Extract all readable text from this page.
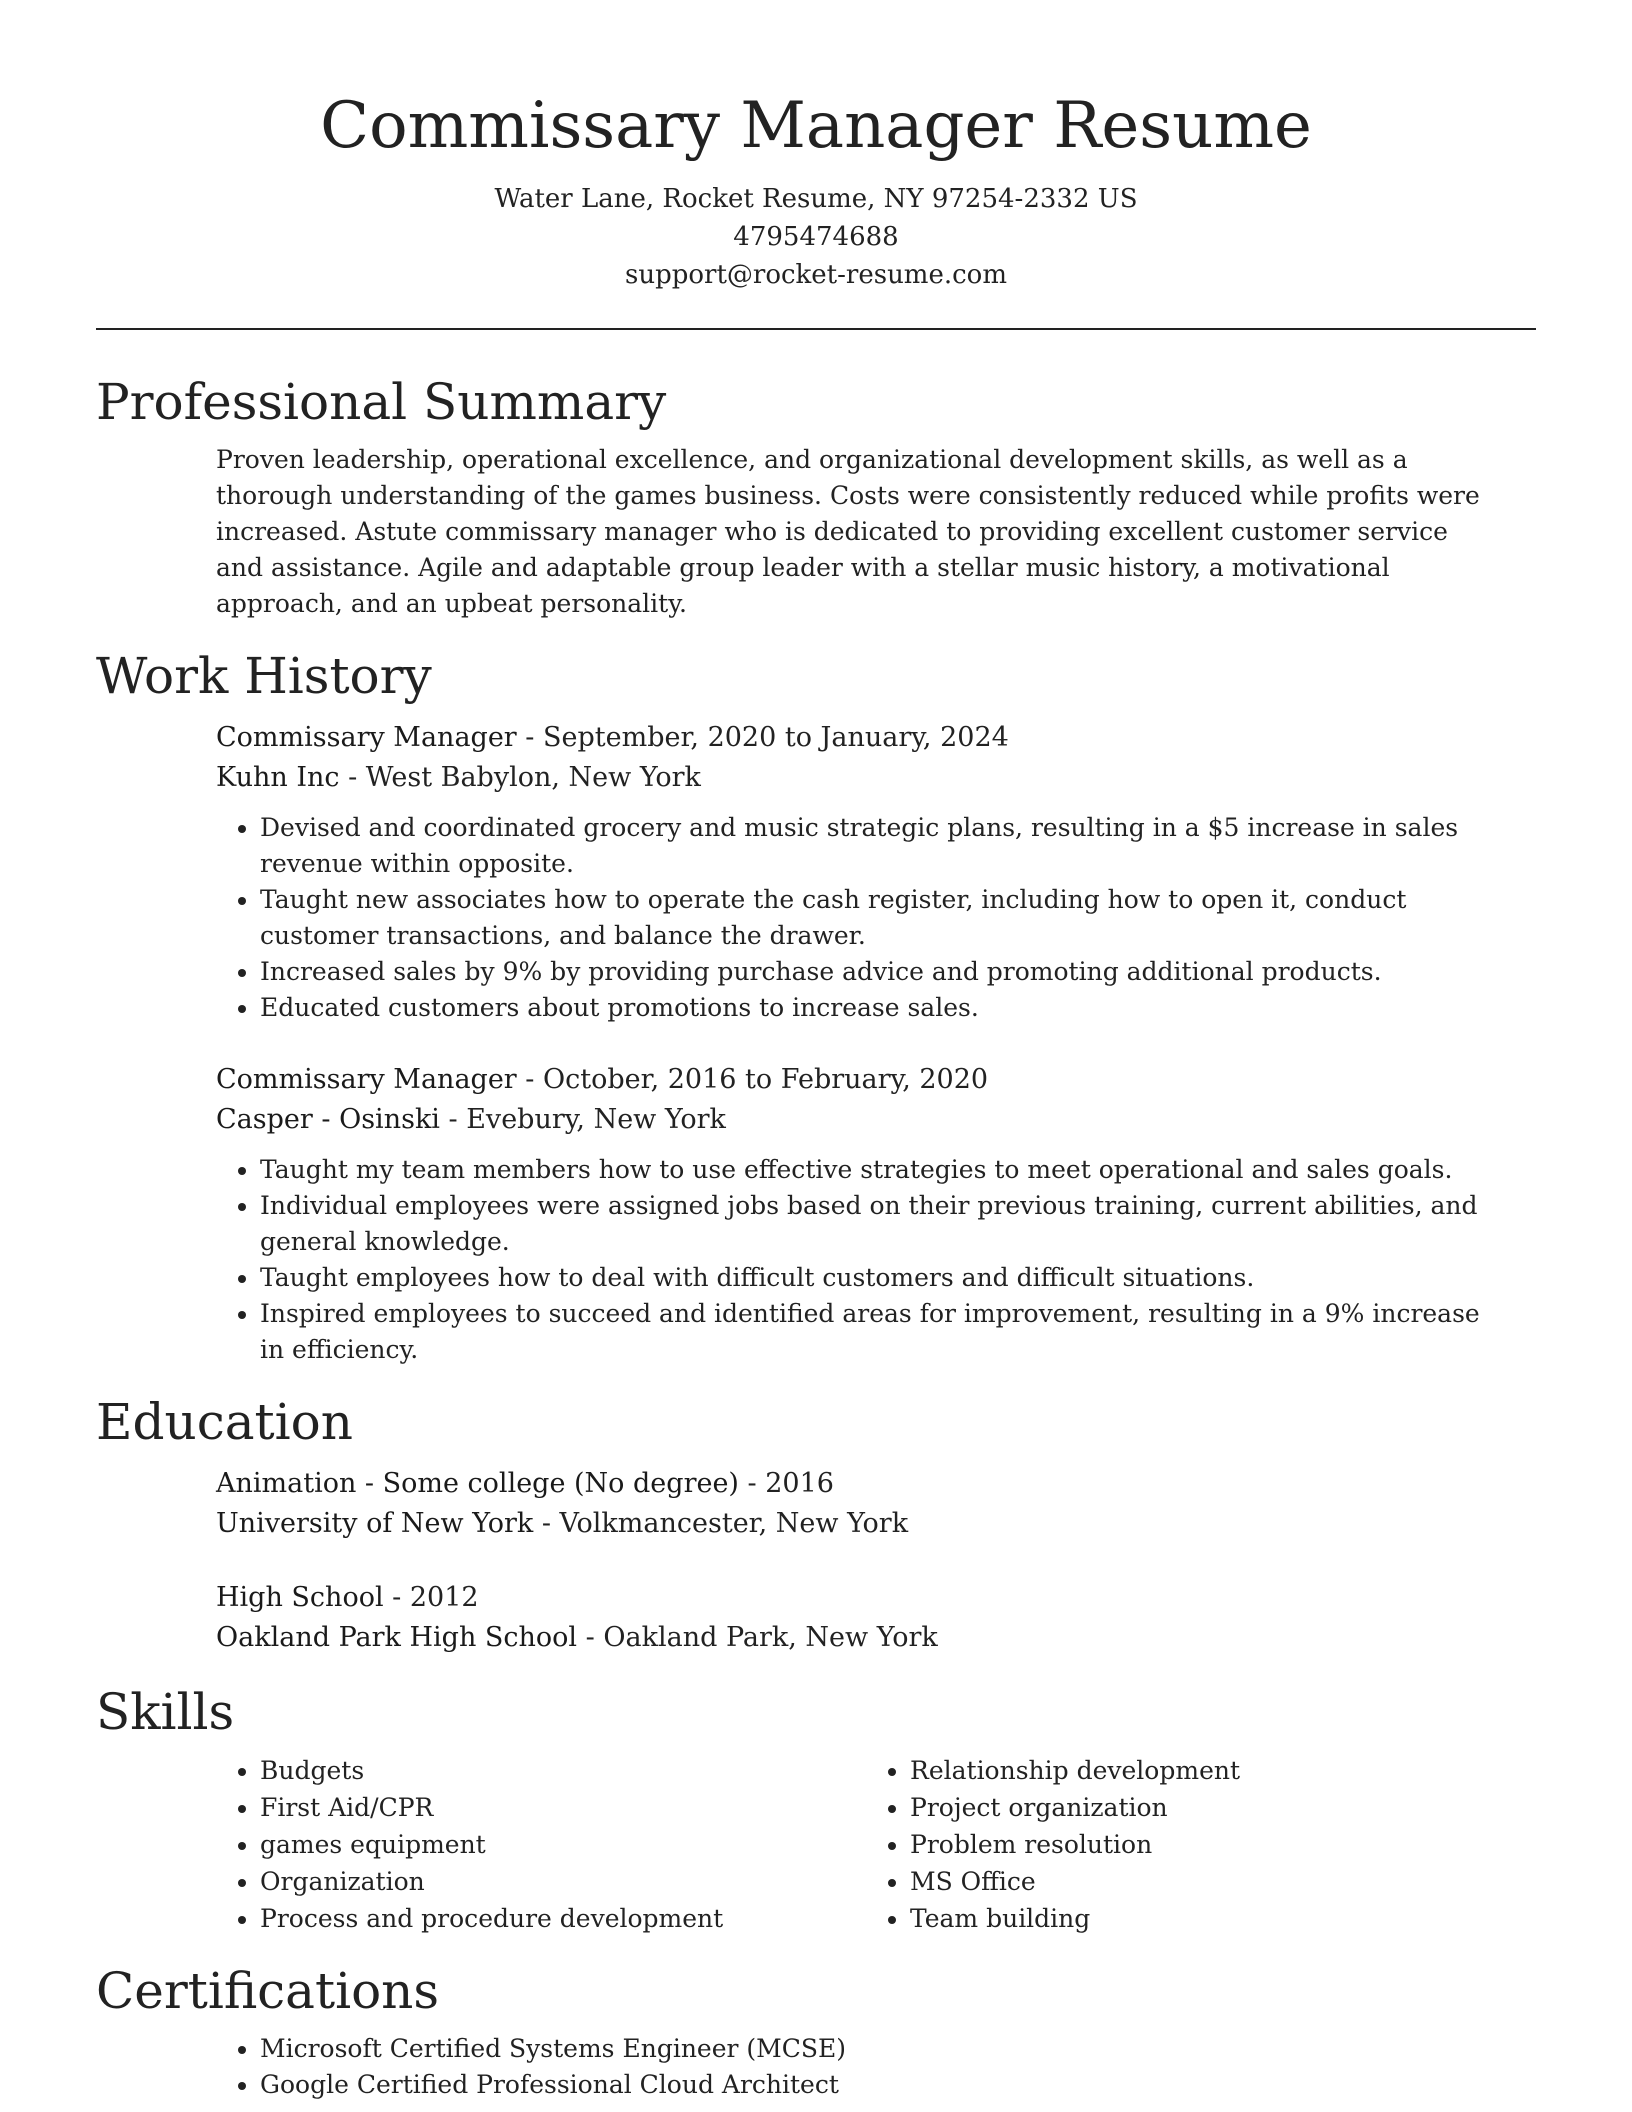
Commissary Manager Resume
Water Lane, Rocket Resume, NY 97254-2332 US
4795474688
support@rocket-resume.com
Professional Summary

Proven leadership, operational excellence, and organizational development skills, as well as a thorough understanding of the games business. Costs were consistently reduced while profits were increased. Astute commissary manager who is dedicated to providing excellent customer service and assistance. Agile and adaptable group leader with a stellar music history, a motivational approach, and an upbeat personality.

Work History
Commissary Manager - September, 2020 to January, 2024
Kuhn Inc - West Babylon, New York
• Devised and coordinated grocery and music strategic plans, resulting in a $5 increase in sales revenue within opposite.
• Taught new associates how to operate the cash register, including how to open it, conduct customer transactions, and balance the drawer.
• Increased sales by 9% by providing purchase advice and promoting additional products.
• Educated customers about promotions to increase sales.
Commissary Manager - October, 2016 to February, 2020
Casper - Osinski - Evebury, New York
• Taught my team members how to use effective strategies to meet operational and sales goals.
• Individual employees were assigned jobs based on their previous training, current abilities, and general knowledge.
• Taught employees how to deal with difficult customers and difficult situations.
• Inspired employees to succeed and identified areas for improvement, resulting in a 9% increase in efficiency.
Education
Animation - Some college (No degree) - 2016
University of New York - Volkmancester, New York
High School - 2012
Oakland Park High School - Oakland Park, New York
Skills
• Budgets
• First Aid/CPR
• games equipment
• Organization
• Process and procedure development
• Relationship development
• Project organization
• Problem resolution
• MS Office
• Team building
Certifications
• Microsoft Certified Systems Engineer (MCSE)
• Google Certified Professional Cloud Architect
